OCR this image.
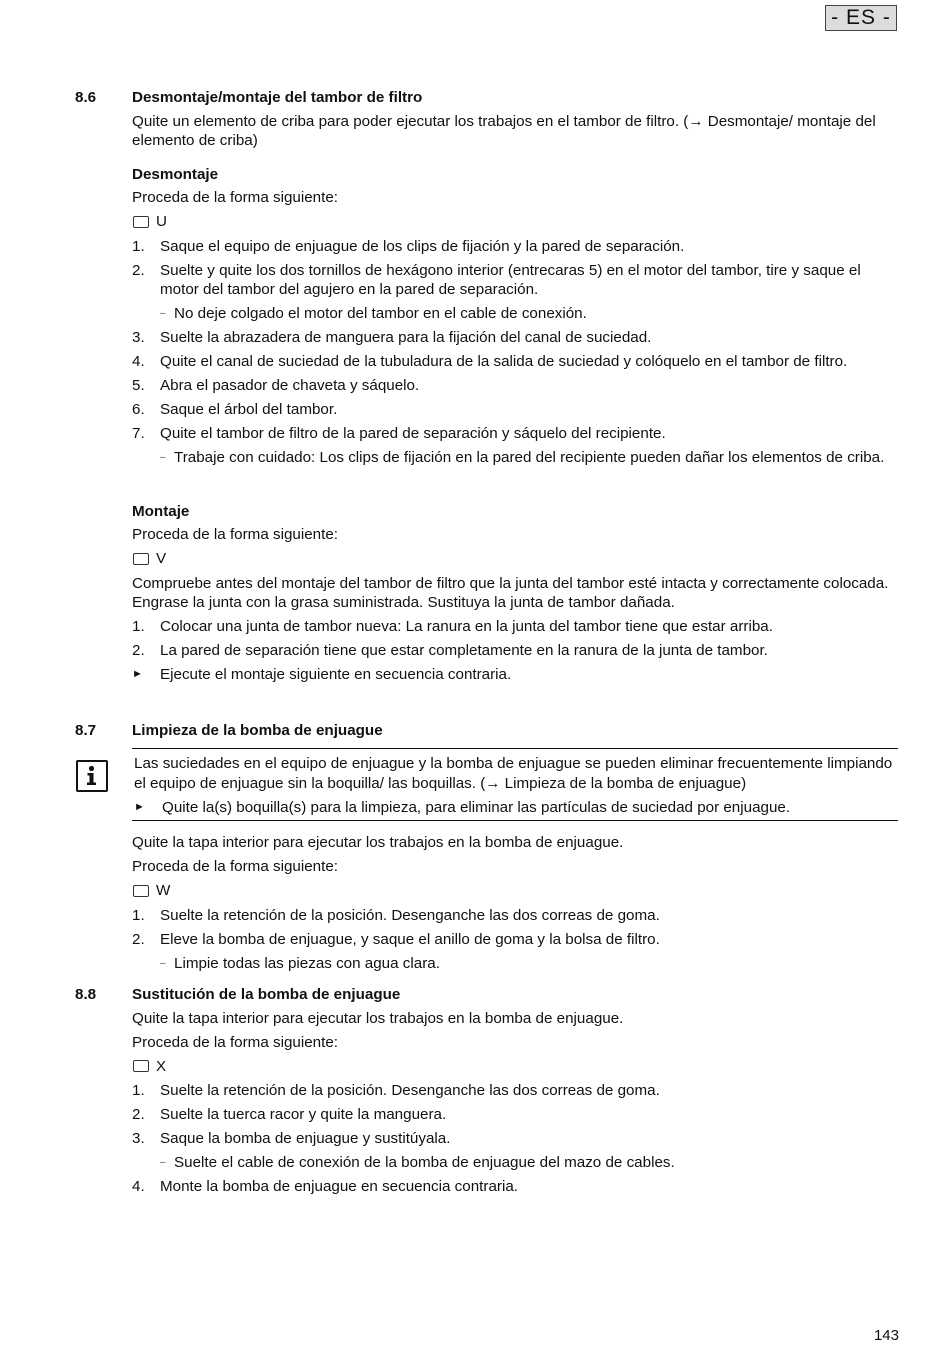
- ES -
8.6	Desmontaje/montaje del tambor de filtro

Quite un elemento de criba para poder ejecutar los trabajos en el tambor de filtro. (→ Desmontaje/ montaje del elemento de criba)

Desmontaje

Proceda de la forma siguiente:

U
1.	Saque el equipo de enjuague de los clips de fijación y la pared de separación.
2.	Suelte y quite los dos tornillos de hexágono interior (entrecaras 5) en el motor del tambor, tire y saque el motor del tambor del agujero en la pared de separación.
– No deje colgado el motor del tambor en el cable de conexión.
3.	Suelte la abrazadera de manguera para la fijación del canal de suciedad.
4.	Quite el canal de suciedad de la tubuladura de la salida de suciedad y colóquelo en el tambor de filtro.
5.	Abra el pasador de chaveta y sáquelo.
6.	Saque el árbol del tambor.
7.	Quite el tambor de filtro de la pared de separación y sáquelo del recipiente.
– Trabaje con cuidado: Los clips de fijación en la pared del recipiente pueden dañar los elementos de criba.
Montaje

Proceda de la forma siguiente:

V

Compruebe antes del montaje del tambor de filtro que la junta del tambor esté intacta y correctamente colocada. Engrase la junta con la grasa suministrada. Sustituya la junta de tambor dañada.

1.	Colocar una junta de tambor nueva: La ranura en la junta del tambor tiene que estar arriba.
2.	La pared de separación tiene que estar completamente en la ranura de la junta de tambor.
►	Ejecute el montaje siguiente en secuencia contraria.
8.7	Limpieza de la bomba de enjuague

Las suciedades en el equipo de enjuague y la bomba de enjuague se pueden eliminar frecuentemente limpiando el equipo de enjuague sin la boquilla/ las boquillas. (→ Limpieza de la bomba de enjuague)

►	Quite la(s) boquilla(s) para la limpieza, para eliminar las partículas de suciedad por enjuague.

Quite la tapa interior para ejecutar los trabajos en la bomba de enjuague.

Proceda de la forma siguiente:

W
1.	Suelte la retención de la posición. Desenganche las dos correas de goma.
2.	Eleve la bomba de enjuague, y saque el anillo de goma y la bolsa de filtro.
– Limpie todas las piezas con agua clara.
8.8	Sustitución de la bomba de enjuague

Quite la tapa interior para ejecutar los trabajos en la bomba de enjuague.

Proceda de la forma siguiente:

X
1.	Suelte la retención de la posición. Desenganche las dos correas de goma.
2.	Suelte la tuerca racor y quite la manguera.
3.	Saque la bomba de enjuague y sustitúyala.
– Suelte el cable de conexión de la bomba de enjuague del mazo de cables.
4.	Monte la bomba de enjuague en secuencia contraria.
143
